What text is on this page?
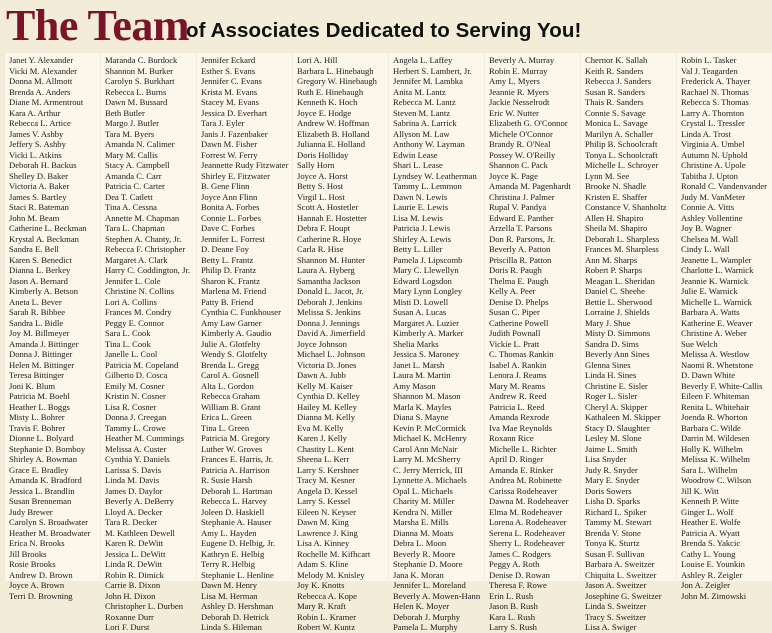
The Team
of Associates Dedicated to Serving You!
Janet Y. Alexander
Vicki M. Alexander
Donna M. Allmott
Brenda A. Anders
Diane M. Armentrout
Kara A. Arthur
Rebecca L. Artice
James V. Ashby
Jeffery S. Ashby
Vicki L. Atkins
Deborah H. Backus
Shelley D. Baker
Victoria A. Baker
James S. Bartley
Staci R. Bateman
John M. Beam
Catherine L. Beckman
Krystal A. Beckman
Sandra E. Bell
Karen S. Benedict
Dianna L. Berkey
Jason A. Bernard
Kimberly A. Betson
Aneta L. Bever
Sarah R. Bibbee
Sandra L. Bidle
Joy M. Billmeyer
Amanda J. Bittinger
Donna J. Bittinger
Helen M. Bittinger
Teresa Bittinger
Joni K. Blum
Patricia M. Boehl
Heather L. Boggs
Misty L. Bohrer
Travis F. Bohrer
Dionne L. Bolyard
Stephanie D. Bomboy
Shirley A. Bowman
Grace E. Bradley
Amanda K. Bradford
Jessica L. Brandlin
Susan Brenneman
Judy Brewer
Carolyn S. Broadwater
Heather M. Broadwater
Erica N. Brooks
Jill Brooks
Rosie Brooks
Andrew D. Brown
Joyce A. Brown
Terri D. Browning
Maranda C. Burdock
Shannon M. Burker
Carolyn S. Burkhart
Rebecca L. Burns
Dawn M. Bussard
Beth Butler
Margo J. Butler
Tara M. Byers
Amanda N. Calimer
Mary M. Callis
Stacy A. Campbell
Amanda C. Carr
Patricia C. Carter
Dea T. Catlett
Tina A. Cessna
Annette M. Chapman
Tara L. Chapman
Stephen A. Chanty, Jr.
Rebecca F. Christopher
Margaret A. Clark
Harry C. Coddington, Jr.
Jennifer L. Cole
Christine N. Collins
Lori A. Collins
Frances M. Condry
Peggy E. Connor
Sara L. Cook
Tina L. Cook
Janelle L. Cool
Patricia M. Copeland
Gilberto D. Cosca
Emily M. Cosner
Kristin N. Cosner
Lisa R. Cosner
Donna J. Creegan
Tammy L. Crowe
Heather M. Cummings
Melissa A. Custer
Cynthia Y. Daniels
Larissa S. Davis
Linda M. Davis
James D. Daylor
Beverly A. DeBerry
Lloyd A. Decker
Tara R. Decker
M. Kathleen Dewell
Karen R. DeWitt
Jessica L. DeWitt
Linda R. DeWitt
Robin R. Dimick
Carrie B. Dixon
John H. Dixon
Christopher L. Durben
Roxanne Durr
Lori F. Durst
Jennifer Eckard
Esther S. Evans
Jennifer C. Evans
Krista M. Evans
Stacey M. Evans
Jessica D. Everhart
Tara J. Eyler
Janis J. Fazenbaker
Dawn M. Fisher
Forrest W. Ferry
Jeannette Rudy Fitzwater
Shirley E. Fitzwater
B. Gene Flinn
Joyce Ann Flinn
Bonita A. Forbes
Connie L. Forbes
Dave C. Forbes
Jennifer L. Forrest
D. Deane Foy
Betty L. Frantz
Philip D. Frantz
Sharon K. Frantz
Marlena M. Friend
Patty B. Friend
Cynthia C. Funkhouser
Amy Law Garner
Kimberly A. Gaudio
Julie A. Glotfelty
Wendy S. Glotfelty
Brenda L. Gregg
Carol A. Gosnell
Alta L. Gordon
Rebecca Graham
William B. Grant
Erica L. Green
Tina L. Green
Patricia M. Gregory
Luther W. Groves
Frances E. Harris, Jr.
Patricia A. Harrison
R. Susie Harsh
Deborah L. Hartman
Rebecca L. Harvey
Joleen D. Haskiell
Stephanie A. Hauser
Amy L. Hayden
Eugene D. Helbig, Jr.
Kathryn E. Helbig
Terry R. Helbig
Stephanie L. Henline
Dawn M. Henry
Lisa M. Herman
Ashley D. Hershman
Deborah D. Hetrick
Linda S. Hileman
Lori A. Hill
Barbara L. Hinebaugh
Gregory W. Hinebaugh
Ruth E. Hinebaugh
Kenneth K. Hoch
Joyce E. Hodge
Andrew W. Hoffman
Elizabeth B. Holland
Julianna E. Holland
Doris Holliday
Sally Horn
Joyce A. Horst
Betty S. Host
Virgil L. Host
Scott A. Hostetler
Hannah E. Hostetter
Debra F. Houpt
Catherine R. Hoye
Carla R. Hise
Shannon M. Hunter
Laura A. Hyberg
Samantha Jackson
Donald L. Jacot, Jr.
Deborah J. Jenkins
Melissa S. Jenkins
Donna J. Jennings
David A. Jimerfield
Joyce Johnson
Michael L. Johnson
Victoria D. Jones
Dawn A. Jubb
Kelly M. Kaiser
Cynthia D. Kelley
Hailey M. Kelley
Dianna M. Kelly
Eva M. Kelly
Karen J. Kelly
Chastity L. Kent
Sheena L. Kerr
Larry S. Kershner
Tracy M. Kesner
Angela D. Kessel
Larry S. Kessel
Eileen N. Keyser
Dawn M. King
Lawrence J. King
Lisa A. Kinney
Rochelle M. Kifhcart
Adam S. Kline
Melody M. Knisley
Joy K. Knotts
Rebecca A. Kope
Mary R. Kraft
Robin L. Kramer
Robert W. Kuntz
Angela L. Laffey
Herbert S. Lambert, Jr.
Jennifer M. Lambka
Anita M. Lantz
Rebecca M. Lantz
Steven M. Lantz
Sabrina A. Larrick
Allyson M. Law
Anthony W. Layman
Edwin Lease
Shari L. Lease
Lyndsey W. Leatherman
Tammy L. Lemmon
Dawn N. Lewis
Laurie E. Lewis
Lisa M. Lewis
Patricia J. Lewis
Shirley A. Lewis
Betty L. Liller
Pamela J. Lipscomb
Mary C. Llewellyn
Edward Logsdon
Mary Lynn Longley
Misti D. Lowell
Susan A. Lucas
Margaret A. Luzier
Kimberly A. Marker
Shelia Marks
Jessica S. Maroney
Janet L. Marsh
Laura M. Martin
Amy Mason
Shannon M. Mason
Marla K. Mayles
Diana S. Mayne
Kevin P. McCormick
Michael K. McHenry
Carol Ann McNair
Larry M. McSherry
C. Jerry Merrick, III
Lynnette A. Michaels
Opal L. Michaels
Charity M. Miller
Kendra N. Miller
Marsha E. Mills
Dianna M. Moats
Debra L. Moon
Beverly R. Moore
Stephanie D. Moore
Jana K. Moran
Jennifer L. Moreland
Beverly A. Mowen-Hann
Helen K. Moyer
Deborah J. Murphy
Pamela L. Murphy
Beverly A. Murray
Robin E. Murray
Amy L. Myers
Jeannie R. Myers
Jackie Nesselrodt
Eric W. Nutter
Elizabeth G. O'Connor
Michele O'Connor
Brandy R. O'Neal
Possey W. O'Reilly
Shannon C. Pack
Joyce K. Page
Amanda M. Pagenhardt
Christina J. Palmer
Rupal V. Pandya
Edward E. Panther
Arzella T. Parsons
Don R. Parsons, Jr.
Beverly A. Patton
Priscilla R. Patton
Doris R. Paugh
Thelma E. Paugh
Kelly A. Peer
Denise D. Phelps
Susan C. Piper
Catherine Powell
Judith Pownall
Vickie L. Pratt
C. Thomas Rankin
Isabel A. Rankin
Lenora J. Reams
Mary M. Reams
Andrew R. Reed
Patricia L. Reed
Amanda Rexrode
Iva Mae Reynolds
Roxann Rice
Michelle L. Richter
April D. Ringer
Amanda E. Rinker
Andrea M. Robinette
Carissa Rodeheaver
Dawna M. Rodeheaver
Elma M. Rodeheaver
Lorena A. Rodeheaver
Serena L. Rodeheaver
Sherry L. Rodeheaver
James C. Rodgers
Peggy A. Roth
Denise D. Rowan
Theresa F. Rowe
Erin L. Rush
Jason B. Rush
Kara L. Rush
Larry S. Rush
Chernor K. Sallah
Keith R. Sanders
Rebecca J. Sanders
Susan R. Sanders
Thais R. Sanders
Connie S. Savage
Monica L. Savage
Marilyn A. Schaller
Philip B. Schoolcraft
Tonya L. Schoolcraft
Michelle L. Schroyer
Lynn M. See
Brooke N. Shadle
Kristen E. Shaffer
Constance V. Shanholtz
Allen H. Shapiro
Sheila M. Shapiro
Deborah L. Sharpless
Frances M. Sharpless
Ann M. Sharps
Robert P. Sharps
Meagan L. Sheridan
Daniel C. Sheehe
Bettie L. Sherwood
Lorraine J. Shields
Mary J. Shue
Misty D. Simmons
Sandra D. Sims
Beverly Ann Sines
Glenna Sines
Linda H. Sines
Christine E. Sisler
Roger L. Sisler
Cheryl A. Skipper
Kathaleen M. Skipper
Stacy D. Slaughter
Lesley M. Slone
Jaime L. Smith
Lisa Snyder
Judy R. Snyder
Mary E. Snyder
Doris Sowers
Lisha D. Sparks
Richard L. Spiker
Tammy M. Stewart
Brenda V. Stone
Tonya K. Sturtz
Susan F. Sullivan
Barbara A. Sweitzer
Chiquita L. Sweitzer
Jason A. Sweitzer
Josephine G. Sweitzer
Linda S. Sweitzer
Tracy S. Sweitzer
Lisa A. Swiger
Robin L. Tasker
Val J. Teagarden
Frederick A. Thayer
Rachael N. Thomas
Rebecca S. Thomas
Larry A. Thornton
Crystal L. Tressler
Linda A. Trost
Virginia A. Umbel
Autumn N. Uphold
Christine A. Upole
Tabitha J. Upton
Ronald C. Vandenvander
Judy M. VanMeter
Connie A. Vitts
Ashley Vollentine
Joy B. Wagner
Chelsea M. Wall
Cindy L. Wall
Jeanette L. Wampler
Charlotte L. Warnick
Jeannie K. Warnick
Julie E. Warnick
Michelle L. Warnick
Barbara A. Watts
Katherine E. Weaver
Christine A. Weber
Sue Welch
Melissa A. Westlow
Naomi R. Whetstone
D. Dawn White
Beverly F. White-Callis
Eileen F. Whiteman
Renita L. Whitehair
Joenda R. Whorton
Barbara C. Wilde
Darrin M. Wildesen
Holly K. Wilhelm
Melissa K. Wilhelm
Sara L. Wilhelm
Woodrow C. Wilson
Jill K. Witt
Kenneth P. Witte
Ginger L. Wolf
Heather E. Wolfe
Patricia A. Wyatt
Brenda S. Yakcic
Cathy L. Young
Louise E. Younkin
Ashley R. Zeigler
Jon A. Zeigler
John M. Zimowski
